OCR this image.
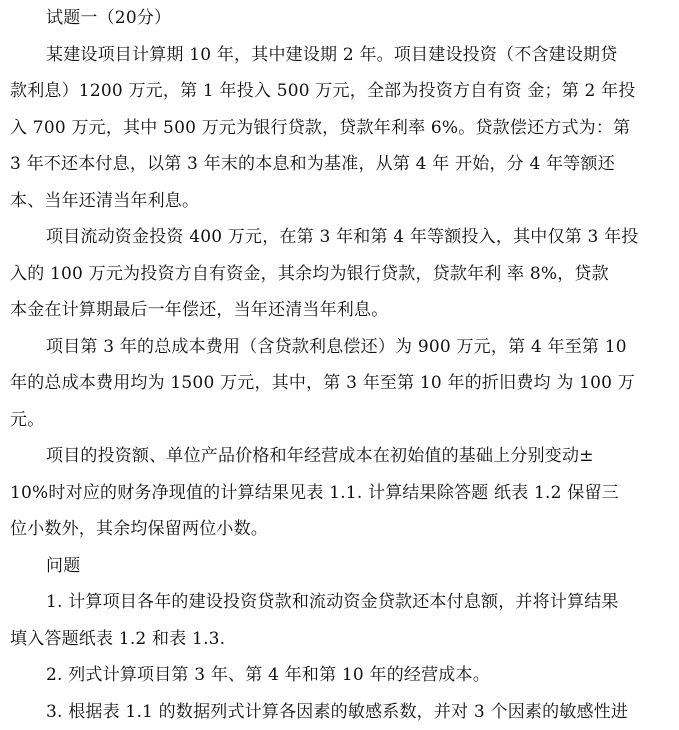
试题一（20分）
某建设项目计算期 10 年，其中建设期 2 年。项目建设投资（不含建设期贷
款利息）1200 万元，第 1 年投入 500 万元，全部为投资方自有资 金；第 2 年投
入 700 万元，其中 500 万元为银行贷款，贷款年利率 6%。贷款偿还方式为：第
3 年不还本付息，以第 3 年末的本息和为基准，从第 4 年 开始，分 4 年等额还
本、当年还清当年利息。
项目流动资金投资 400 万元，在第 3 年和第 4 年等额投入，其中仅第 3 年投
入的 100 万元为投资方自有资金，其余均为银行贷款，贷款年利 率 8%，贷款
本金在计算期最后一年偿还，当年还清当年利息。
项目第 3 年的总成本费用（含贷款利息偿还）为 900 万元，第 4 年至第 10
年的总成本费用均为 1500 万元，其中，第 3 年至第 10 年的折旧费均 为 100 万
元。
项目的投资额、单位产品价格和年经营成本在初始值的基础上分别变动±
10%时对应的财务净现值的计算结果见表 1.1. 计算结果除答题 纸表 1.2 保留三
位小数外，其余均保留两位小数。
问题
1. 计算项目各年的建设投资贷款和流动资金贷款还本付息额，并将计算结果
填入答题纸表 1.2 和表 1.3.
2. 列式计算项目第 3 年、第 4 年和第 10 年的经营成本。
3. 根据表 1.1 的数据列式计算各因素的敏感系数，并对 3 个因素的敏感性进
